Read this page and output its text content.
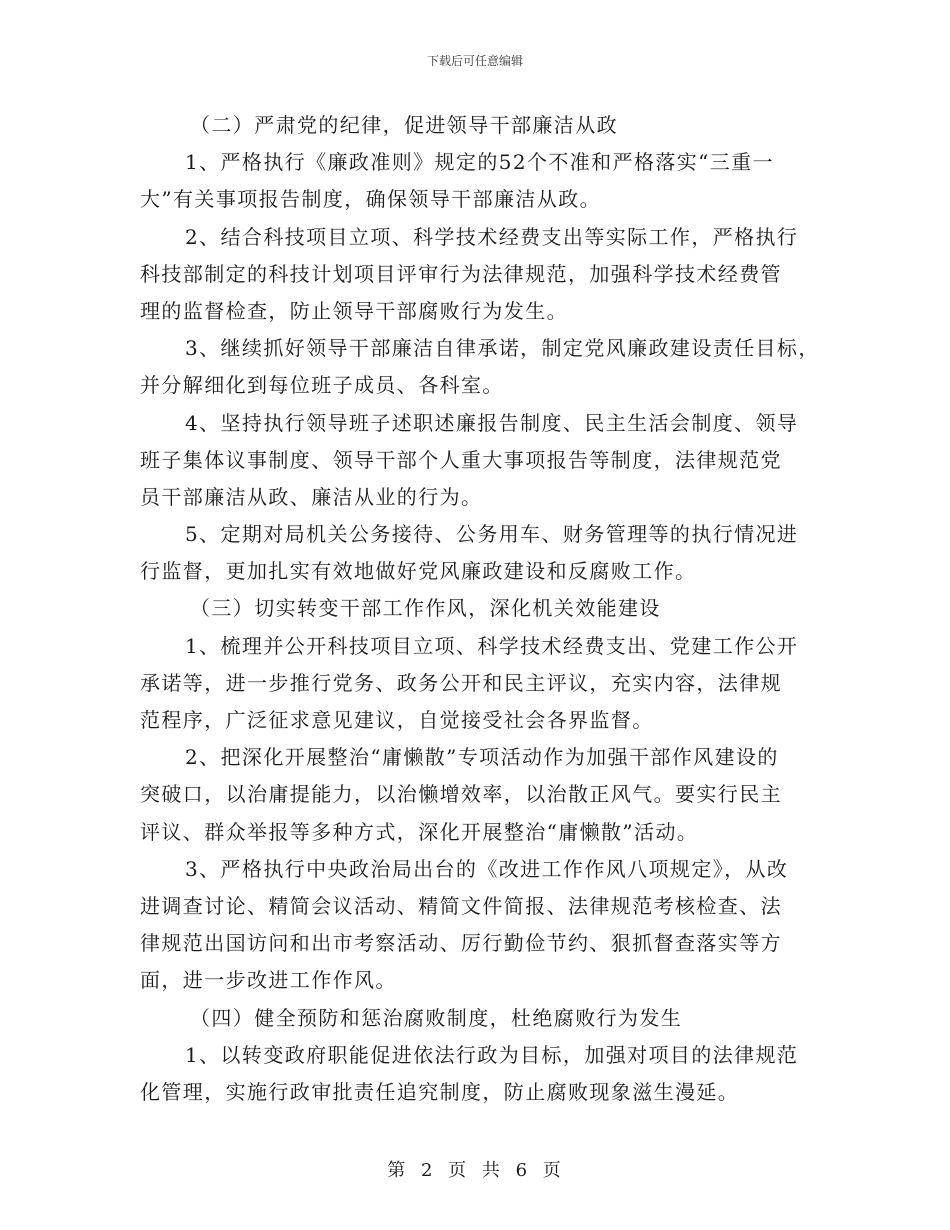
下载后可任意编辑
（二）严肃党的纪律，促进领导干部廉洁从政
1、严格执行《廉政准则》规定的52个不准和严格落实“三重一
大”有关事项报告制度，确保领导干部廉洁从政。
2、结合科技项目立项、科学技术经费支出等实际工作，严格执行
科技部制定的科技计划项目评审行为法律规范，加强科学技术经费管
理的监督检查，防止领导干部腐败行为发生。
3、继续抓好领导干部廉洁自律承诺，制定党风廉政建设责任目标，
并分解细化到每位班子成员、各科室。
4、坚持执行领导班子述职述廉报告制度、民主生活会制度、领导
班子集体议事制度、领导干部个人重大事项报告等制度，法律规范党
员干部廉洁从政、廉洁从业的行为。
5、定期对局机关公务接待、公务用车、财务管理等的执行情况进
行监督，更加扎实有效地做好党风廉政建设和反腐败工作。
（三）切实转变干部工作作风，深化机关效能建设
1、梳理并公开科技项目立项、科学技术经费支出、党建工作公开
承诺等，进一步推行党务、政务公开和民主评议，充实内容，法律规
范程序，广泛征求意见建议，自觉接受社会各界监督。
2、把深化开展整治“庸懒散”专项活动作为加强干部作风建设的
突破口，以治庸提能力，以治懒增效率，以治散正风气。要实行民主
评议、群众举报等多种方式，深化开展整治“庸懒散”活动。
3、严格执行中央政治局出台的《改进工作作风八项规定》，从改
进调查讨论、精简会议活动、精简文件简报、法律规范考核检查、法
律规范出国访问和出市考察活动、厉行勤俭节约、狠抓督查落实等方
面，进一步改进工作作风。
（四）健全预防和惩治腐败制度，杜绝腐败行为发生
1、以转变政府职能促进依法行政为目标，加强对项目的法律规范
化管理，实施行政审批责任追究制度，防止腐败现象滋生漫延。
第 2 页 共 6 页
